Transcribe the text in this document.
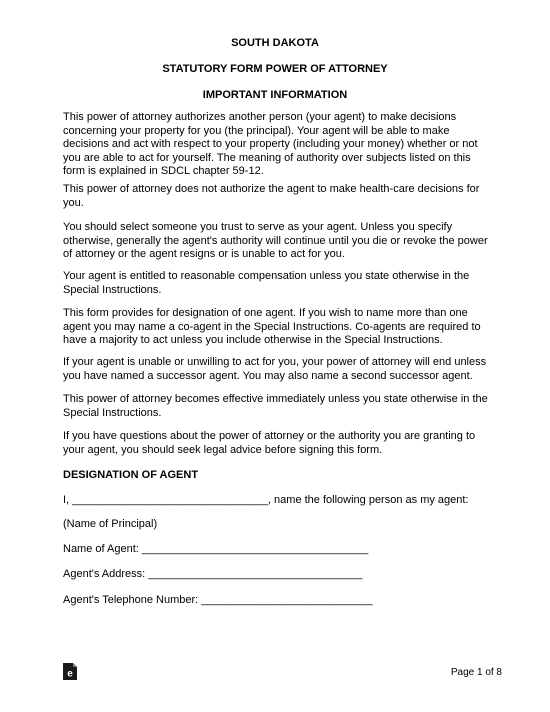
SOUTH DAKOTA
STATUTORY FORM POWER OF ATTORNEY
IMPORTANT INFORMATION
This power of attorney authorizes another person (your agent) to make decisions concerning your property for you (the principal). Your agent will be able to make decisions and act with respect to your property (including your money) whether or not you are able to act for yourself. The meaning of authority over subjects listed on this form is explained in SDCL chapter 59-12.
This power of attorney does not authorize the agent to make health-care decisions for you.
You should select someone you trust to serve as your agent. Unless you specify otherwise, generally the agent's authority will continue until you die or revoke the power of attorney or the agent resigns or is unable to act for you.
Your agent is entitled to reasonable compensation unless you state otherwise in the Special Instructions.
This form provides for designation of one agent. If you wish to name more than one agent you may name a co-agent in the Special Instructions. Co-agents are required to have a majority to act unless you include otherwise in the Special Instructions.
If your agent is unable or unwilling to act for you, your power of attorney will end unless you have named a successor agent. You may also name a second successor agent.
This power of attorney becomes effective immediately unless you state otherwise in the Special Instructions.
If you have questions about the power of attorney or the authority you are granting to your agent, you should seek legal advice before signing this form.
DESIGNATION OF AGENT
I, ________________________________, name the following person as my agent:
(Name of Principal)
Name of Agent: _____________________________________
Agent's Address: ___________________________________
Agent's Telephone Number: ____________________________
e	Page 1 of 8
